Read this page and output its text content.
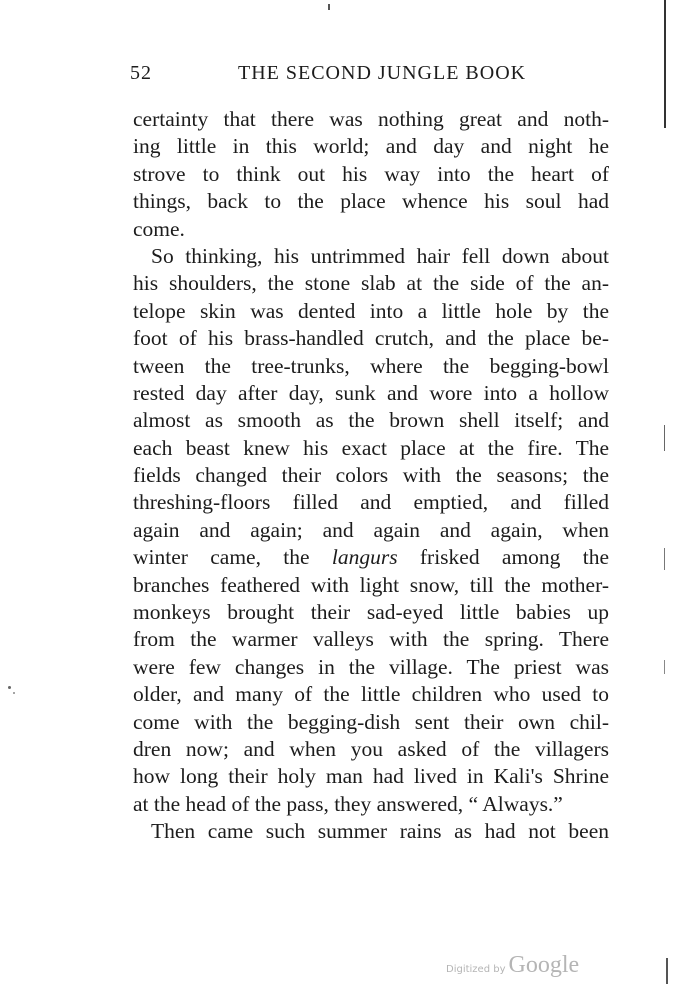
52	THE SECOND JUNGLE BOOK
certainty that there was nothing great and noth-
ing little in this world; and day and night he
strove to think out his way into the heart of
things, back to the place whence his soul had
come.
So thinking, his untrimmed hair fell down about
his shoulders, the stone slab at the side of the an-
telope skin was dented into a little hole by the
foot of his brass-handled crutch, and the place be-
tween the tree-trunks, where the begging-bowl
rested day after day, sunk and wore into a hollow
almost as smooth as the brown shell itself; and
each beast knew his exact place at the fire. The
fields changed their colors with the seasons; the
threshing-floors filled and emptied, and filled
again and again; and again and again, when
winter came, the langurs frisked among the
branches feathered with light snow, till the mother-
monkeys brought their sad-eyed little babies up
from the warmer valleys with the spring. There
were few changes in the village. The priest was
older, and many of the little children who used to
come with the begging-dish sent their own chil-
dren now; and when you asked of the villagers
how long their holy man had lived in Kali's Shrine
at the head of the pass, they answered, “ Always.”
Then came such summer rains as had not been
Digitized by Google
